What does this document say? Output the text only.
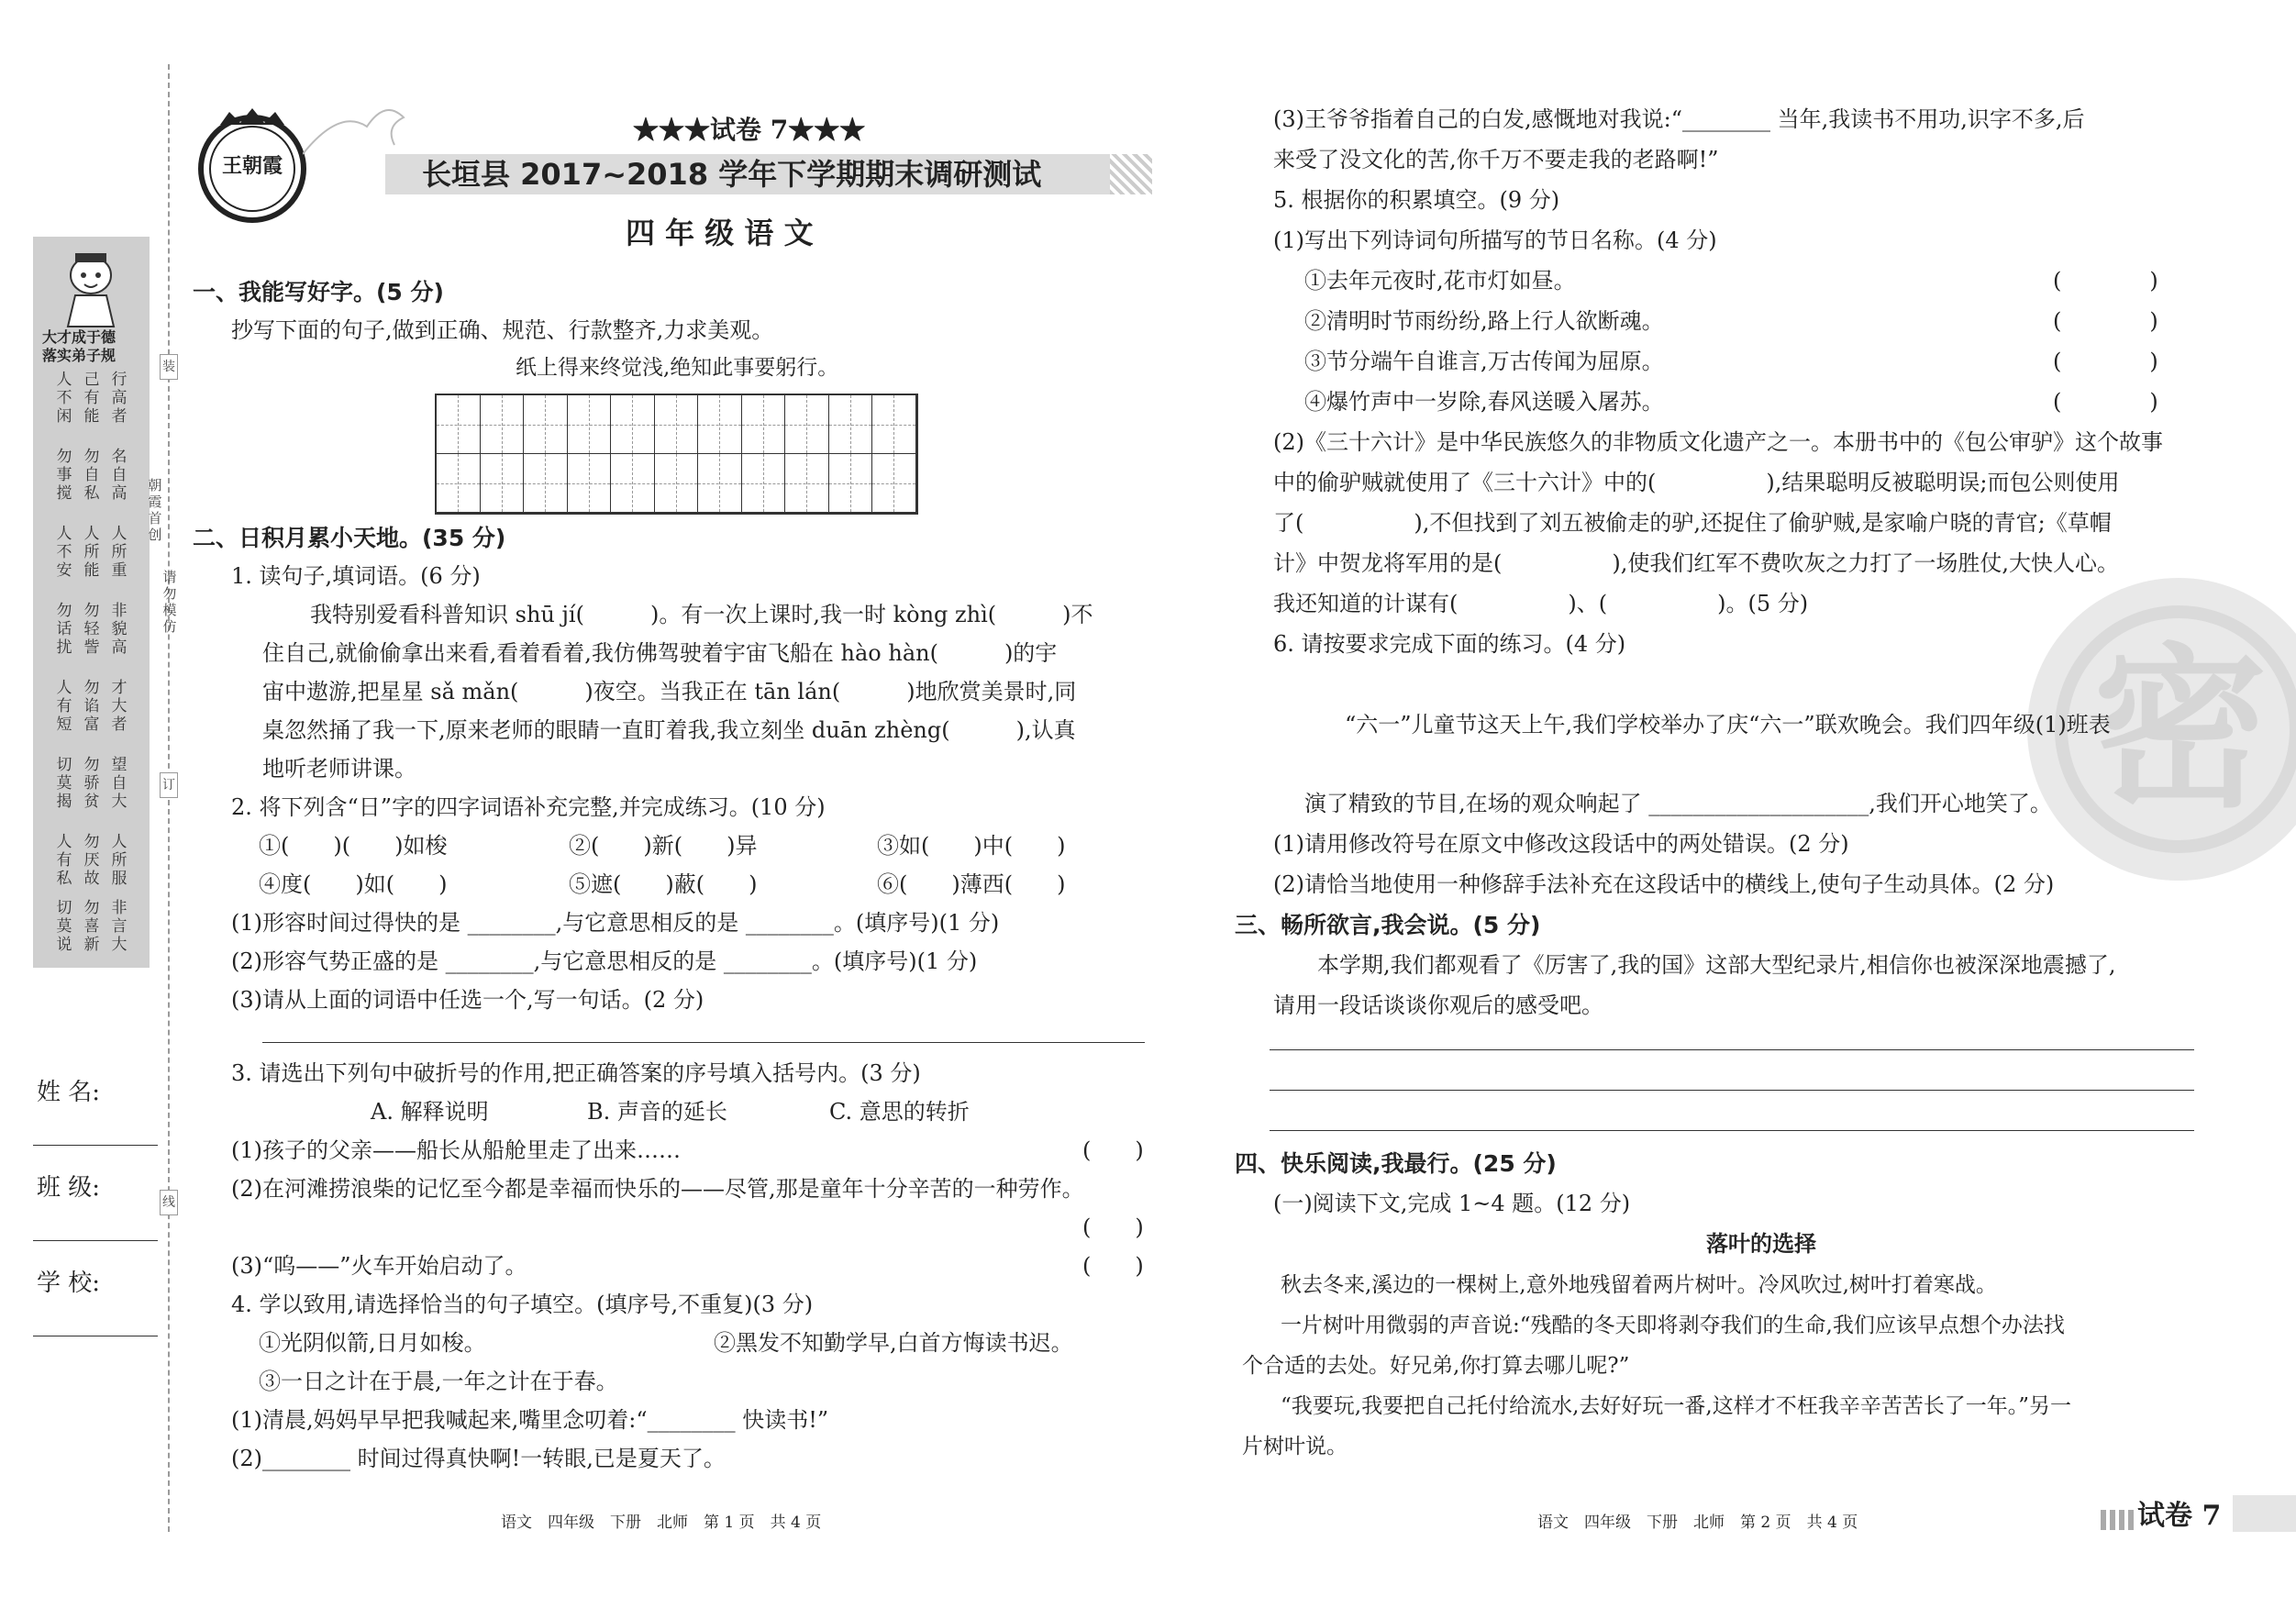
大才成于德
落实弟子规
人不闲
己有能
行高者
勿事搅
勿自私
名自高
人不安
人所能
人所重
勿话扰
勿轻訾
非貌高
人有短
勿谄富
才大者
切莫揭
勿骄贫
望自大
人有私
勿厌故
人所服
切莫说
勿喜新
非言大
装
订
线
朝霞首创
请勿模仿
姓 名:
班 级:
学 校:
王朝霞
★★★试卷 7★★★
长垣县 2017~2018 学年下学期期末调研测试
四 年 级 语 文
一、我能写好字。(5 分)
抄写下面的句子,做到正确、规范、行款整齐,力求美观。
纸上得来终觉浅,绝知此事要躬行。
二、日积月累小天地。(35 分)
1. 读句子,填词语。(6 分)
我特别爱看科普知识 shū jí(　　　)。有一次上课时,我一时 kòng zhì(　　　)不
住自己,就偷偷拿出来看,看着看着,我仿佛驾驶着宇宙飞船在 hào hàn(　　　)的宇
宙中遨游,把星星 sǎ mǎn(　　　)夜空。当我正在 tān lán(　　　)地欣赏美景时,同
桌忽然捅了我一下,原来老师的眼睛一直盯着我,我立刻坐 duān zhèng(　　　),认真
地听老师讲课。
2. 将下列含“日”字的四字词语补充完整,并完成练习。(10 分)
①(　　)(　　)如梭	②(　　)新(　　)异	③如(　　)中(　　)
④度(　　)如(　　)	⑤遮(　　)蔽(　　)	⑥(　　)薄西(　　)
(1)形容时间过得快的是 ________,与它意思相反的是 ________。(填序号)(1 分)
(2)形容气势正盛的是 ________,与它意思相反的是 ________。(填序号)(1 分)
(3)请从上面的词语中任选一个,写一句话。(2 分)
3. 请选出下列句中破折号的作用,把正确答案的序号填入括号内。(3 分)
A. 解释说明	B. 声音的延长	C. 意思的转折
(1)孩子的父亲——船长从船舱里走了出来……	(　　)
(2)在河滩捞浪柴的记忆至今都是幸福而快乐的——尽管,那是童年十分辛苦的一种劳作。
(　　)
(3)“呜——”火车开始启动了。	(　　)
4. 学以致用,请选择恰当的句子填空。(填序号,不重复)(3 分)
①光阴似箭,日月如梭。	②黑发不知勤学早,白首方悔读书迟。
③一日之计在于晨,一年之计在于春。
(1)清晨,妈妈早早把我喊起来,嘴里念叨着:“________ 快读书!”
(2)________ 时间过得真快啊!一转眼,已是夏天了。
语文　四年级　下册　北师　第 1 页　共 4 页
密
(3)王爷爷指着自己的白发,感慨地对我说:“________ 当年,我读书不用功,识字不多,后
来受了没文化的苦,你千万不要走我的老路啊!”
5. 根据你的积累填空。(9 分)
(1)写出下列诗词句所描写的节日名称。(4 分)
①去年元夜时,花市灯如昼。	(　　　　)
②清明时节雨纷纷,路上行人欲断魂。	(　　　　)
③节分端午自谁言,万古传闻为屈原。	(　　　　)
④爆竹声中一岁除,春风送暖入屠苏。	(　　　　)
(2)《三十六计》是中华民族悠久的非物质文化遗产之一。本册书中的《包公审驴》这个故事
中的偷驴贼就使用了《三十六计》中的(　　　　　),结果聪明反被聪明误;而包公则使用
了(　　　　　),不但找到了刘五被偷走的驴,还捉住了偷驴贼,是家喻户晓的青官;《草帽
计》中贺龙将军用的是(　　　　　),使我们红军不费吹灰之力打了一场胜仗,大快人心。
我还知道的计谋有(　　　　　)、(　　　　　)。(5 分)
6. 请按要求完成下面的练习。(4 分)
“六一”儿童节这天上午,我们学校举办了庆“六一”联欢晚会。我们四年级(1)班表
演了精致的节目,在场的观众响起了 ____________________,我们开心地笑了。
(1)请用修改符号在原文中修改这段话中的两处错误。(2 分)
(2)请恰当地使用一种修辞手法补充在这段话中的横线上,使句子生动具体。(2 分)
三、畅所欲言,我会说。(5 分)
本学期,我们都观看了《厉害了,我的国》这部大型纪录片,相信你也被深深地震撼了,
请用一段话谈谈你观后的感受吧。
四、快乐阅读,我最行。(25 分)
(一)阅读下文,完成 1~4 题。(12 分)
落叶的选择
秋去冬来,溪边的一棵树上,意外地残留着两片树叶。冷风吹过,树叶打着寒战。
一片树叶用微弱的声音说:“残酷的冬天即将剥夺我们的生命,我们应该早点想个办法找
个合适的去处。好兄弟,你打算去哪儿呢?”
“我要玩,我要把自己托付给流水,去好好玩一番,这样才不枉我辛辛苦苦长了一年。”另一
片树叶说。
语文　四年级　下册　北师　第 2 页　共 4 页	试卷 7
